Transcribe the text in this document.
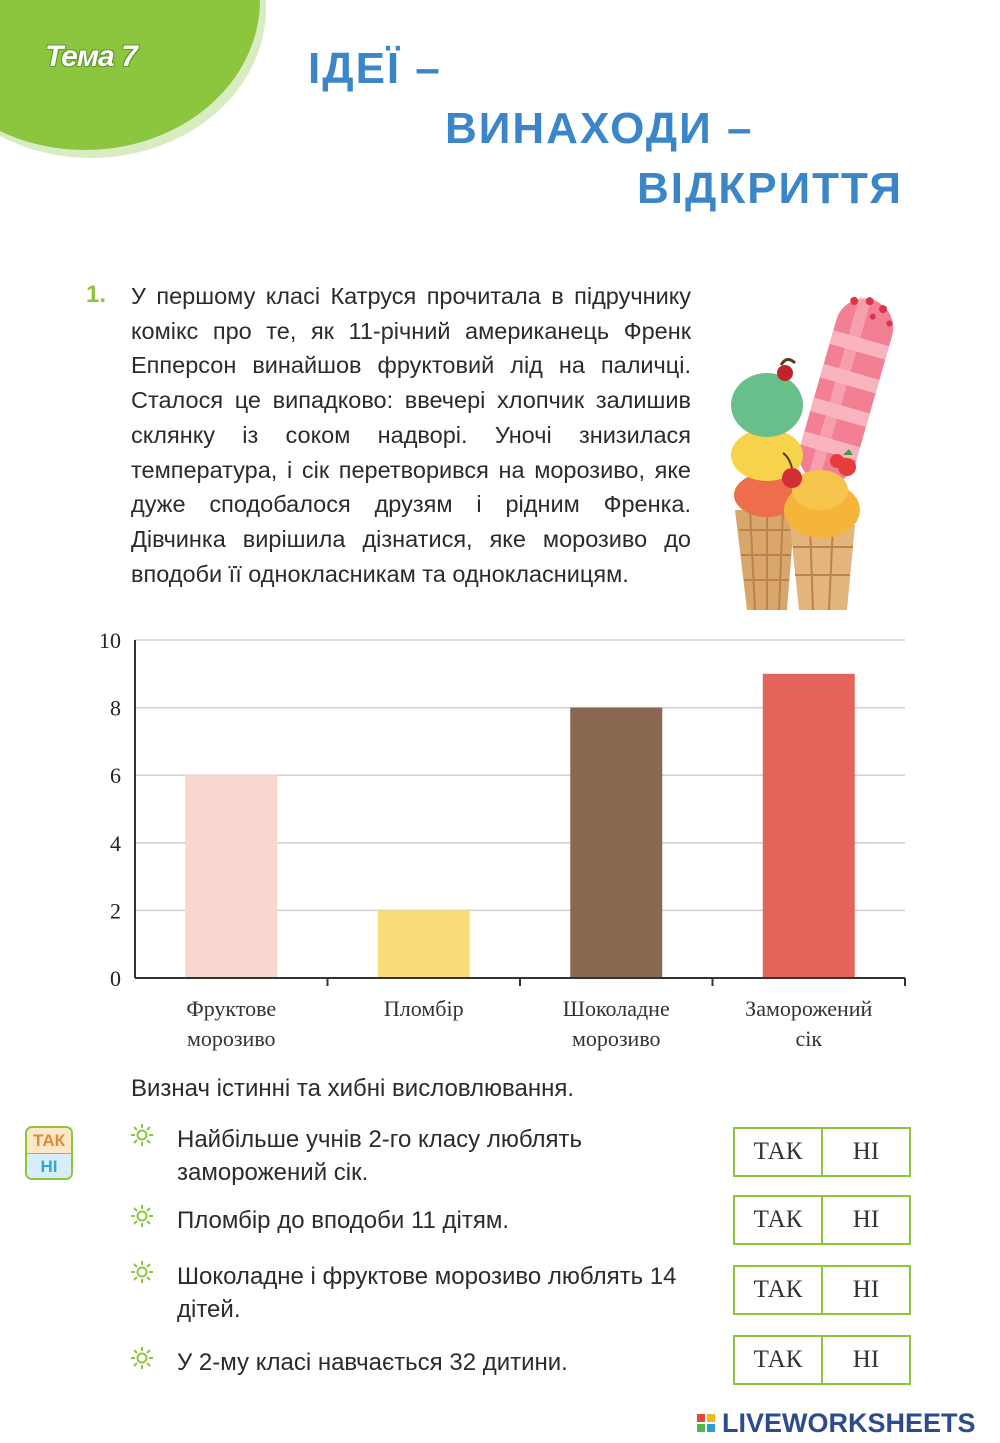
Тема 7	ІДЕЇ –
ВИНАХОДИ –
ВІДКРИТТЯ
1. У першому класі Катруся прочитала в підручнику комікс про те, як 11-річний американець Френк Епперсон винайшов фруктовий лід на паличці. Сталося це випадково: ввечері хлопчик залишив склянку із соком надворі. Уночі знизилася температура, і сік перетворився на морозиво, яке дуже сподобалося друзям і рідним Френка. Дівчинка вирішила дізнатися, яке морозиво до вподоби її однокласникам та однокласницям.
0
2
4
6
8
10
Фруктове
морозиво
Пломбір	Шоколадне
морозиво
Заморожений
сік
Визнач істинні та хибні висловлювання.
ТАК
НІ
Найбільше учнів 2-го класу люблять заморожений сік.
ТАК	НІ
Пломбір до вподоби 11 дітям.	ТАК	НІ
Шоколадне і фруктове морозиво люблять 14 дітей.
ТАК	НІ
У 2-му класі навчається 32 дитини.	ТАК	НІ

LIVEWORKSHEETS
